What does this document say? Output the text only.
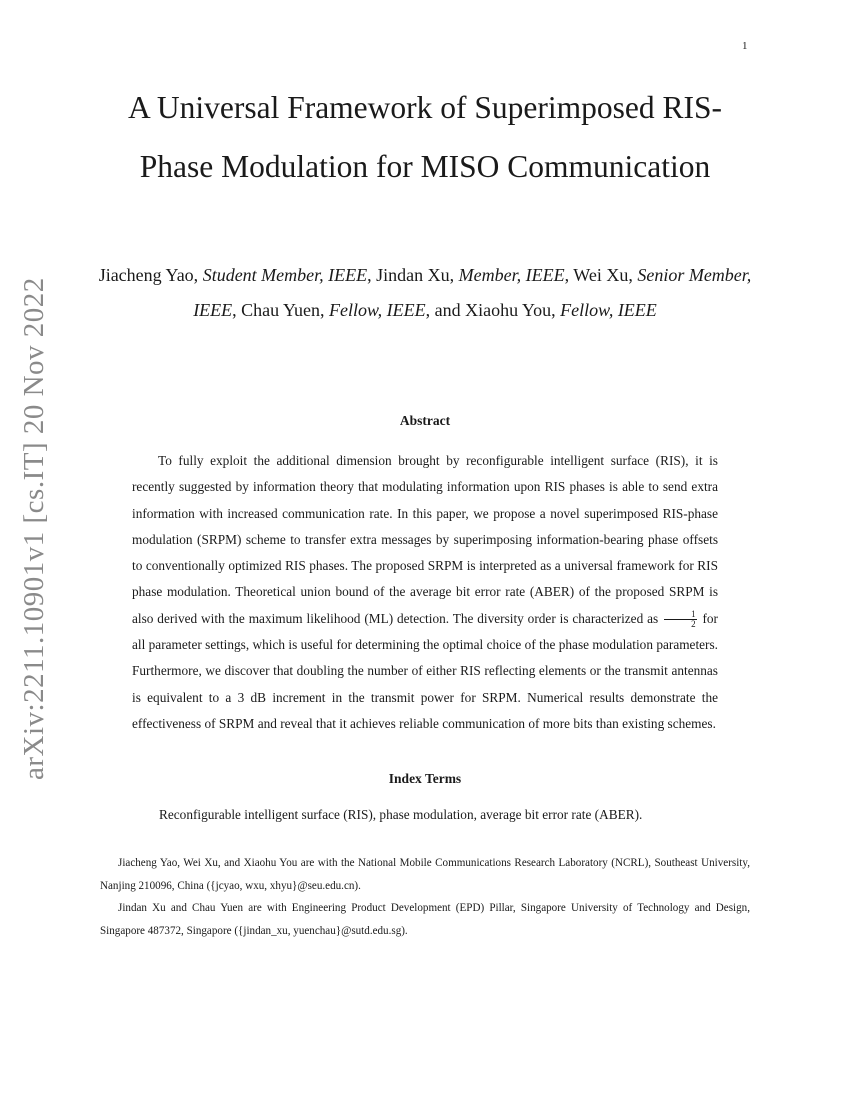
1
arXiv:2211.10901v1 [cs.IT] 20 Nov 2022
A Universal Framework of Superimposed RIS-Phase Modulation for MISO Communication

Jiacheng Yao, Student Member, IEEE, Jindan Xu, Member, IEEE, Wei Xu, Senior Member, IEEE, Chau Yuen, Fellow, IEEE, and Xiaohu You, Fellow, IEEE

Abstract

To fully exploit the additional dimension brought by reconfigurable intelligent surface (RIS), it is recently suggested by information theory that modulating information upon RIS phases is able to send extra information with increased communication rate. In this paper, we propose a novel superimposed RIS-phase modulation (SRPM) scheme to transfer extra messages by superimposing information-bearing phase offsets to conventionally optimized RIS phases. The proposed SRPM is interpreted as a universal framework for RIS phase modulation. Theoretical union bound of the average bit error rate (ABER) of the proposed SRPM is also derived with the maximum likelihood (ML) detection. The diversity order is characterized as $\frac{1}{2}$ for all parameter settings, which is useful for determining the optimal choice of the phase modulation parameters. Furthermore, we discover that doubling the number of either RIS reflecting elements or the transmit antennas is equivalent to a 3 dB increment in the transmit power for SRPM. Numerical results demonstrate the effectiveness of SRPM and reveal that it achieves reliable communication of more bits than existing schemes.

Index Terms

Reconfigurable intelligent surface (RIS), phase modulation, average bit error rate (ABER).

Jiacheng Yao, Wei Xu, and Xiaohu You are with the National Mobile Communications Research Laboratory (NCRL), Southeast University, Nanjing 210096, China ({jcyao, wxu, xhyu}@seu.edu.cn).

Jindan Xu and Chau Yuen are with Engineering Product Development (EPD) Pillar, Singapore University of Technology and Design, Singapore 487372, Singapore ({jindan_xu, yuenchau}@sutd.edu.sg).
